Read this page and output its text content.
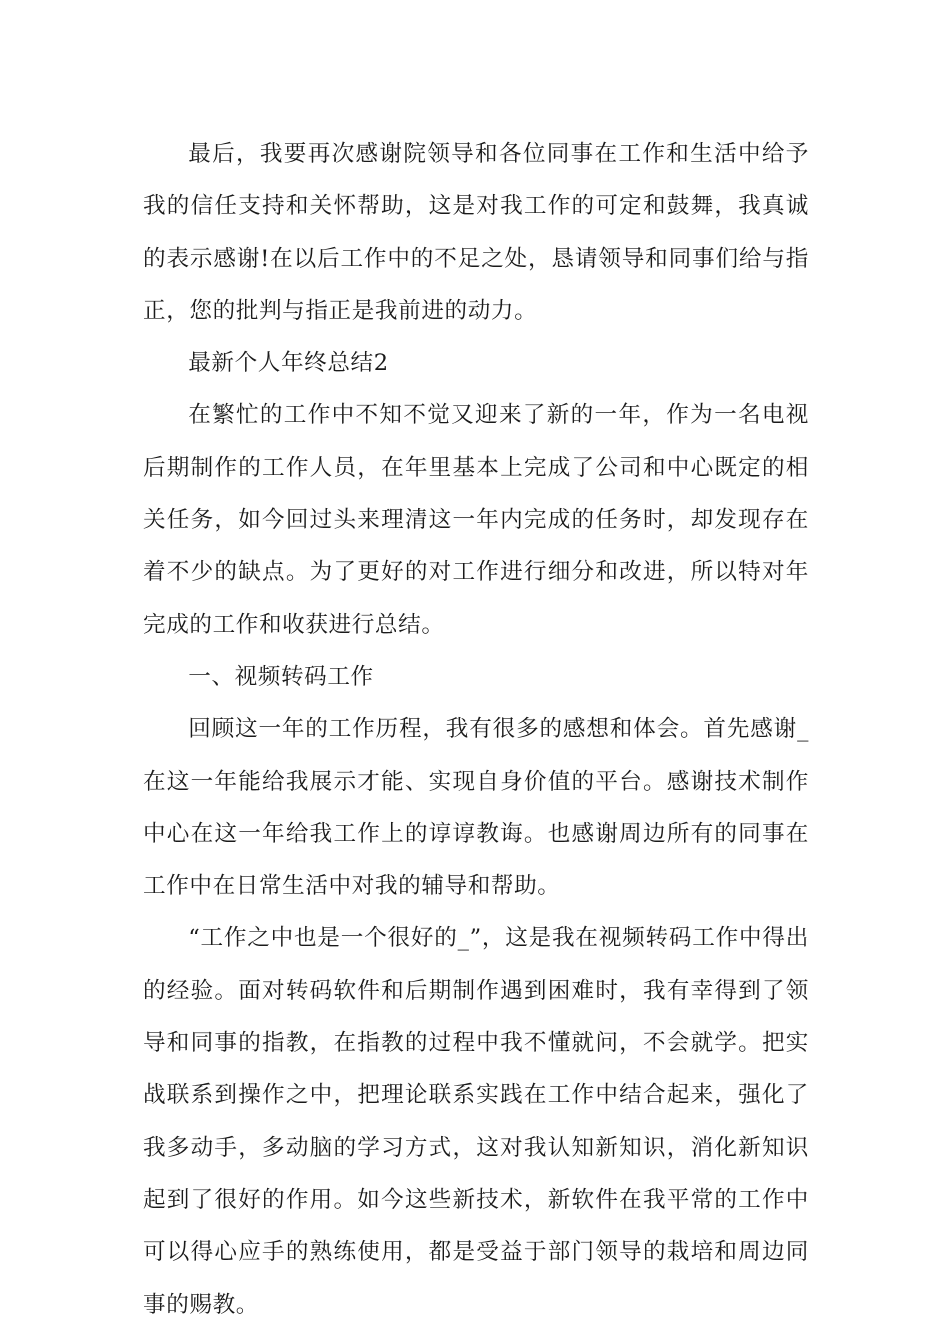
最后，我要再次感谢院领导和各位同事在工作和生活中给予我的信任支持和关怀帮助，这是对我工作的可定和鼓舞，我真诚的表示感谢!在以后工作中的不足之处，恳请领导和同事们给与指正，您的批判与指正是我前进的动力。

最新个人年终总结2

在繁忙的工作中不知不觉又迎来了新的一年，作为一名电视后期制作的工作人员，在年里基本上完成了公司和中心既定的相关任务，如今回过头来理清这一年内完成的任务时，却发现存在着不少的缺点。为了更好的对工作进行细分和改进，所以特对年完成的工作和收获进行总结。

一、视频转码工作

回顾这一年的工作历程，我有很多的感想和体会。首先感谢_在这一年能给我展示才能、实现自身价值的平台。感谢技术制作中心在这一年给我工作上的谆谆教诲。也感谢周边所有的同事在工作中在日常生活中对我的辅导和帮助。

“工作之中也是一个很好的_”，这是我在视频转码工作中得出的经验。面对转码软件和后期制作遇到困难时，我有幸得到了领导和同事的指教，在指教的过程中我不懂就问，不会就学。把实战联系到操作之中，把理论联系实践在工作中结合起来，强化了我多动手，多动脑的学习方式，这对我认知新知识，消化新知识起到了很好的作用。如今这些新技术，新软件在我平常的工作中可以得心应手的熟练使用，都是受益于部门领导的栽培和周边同事的赐教。
